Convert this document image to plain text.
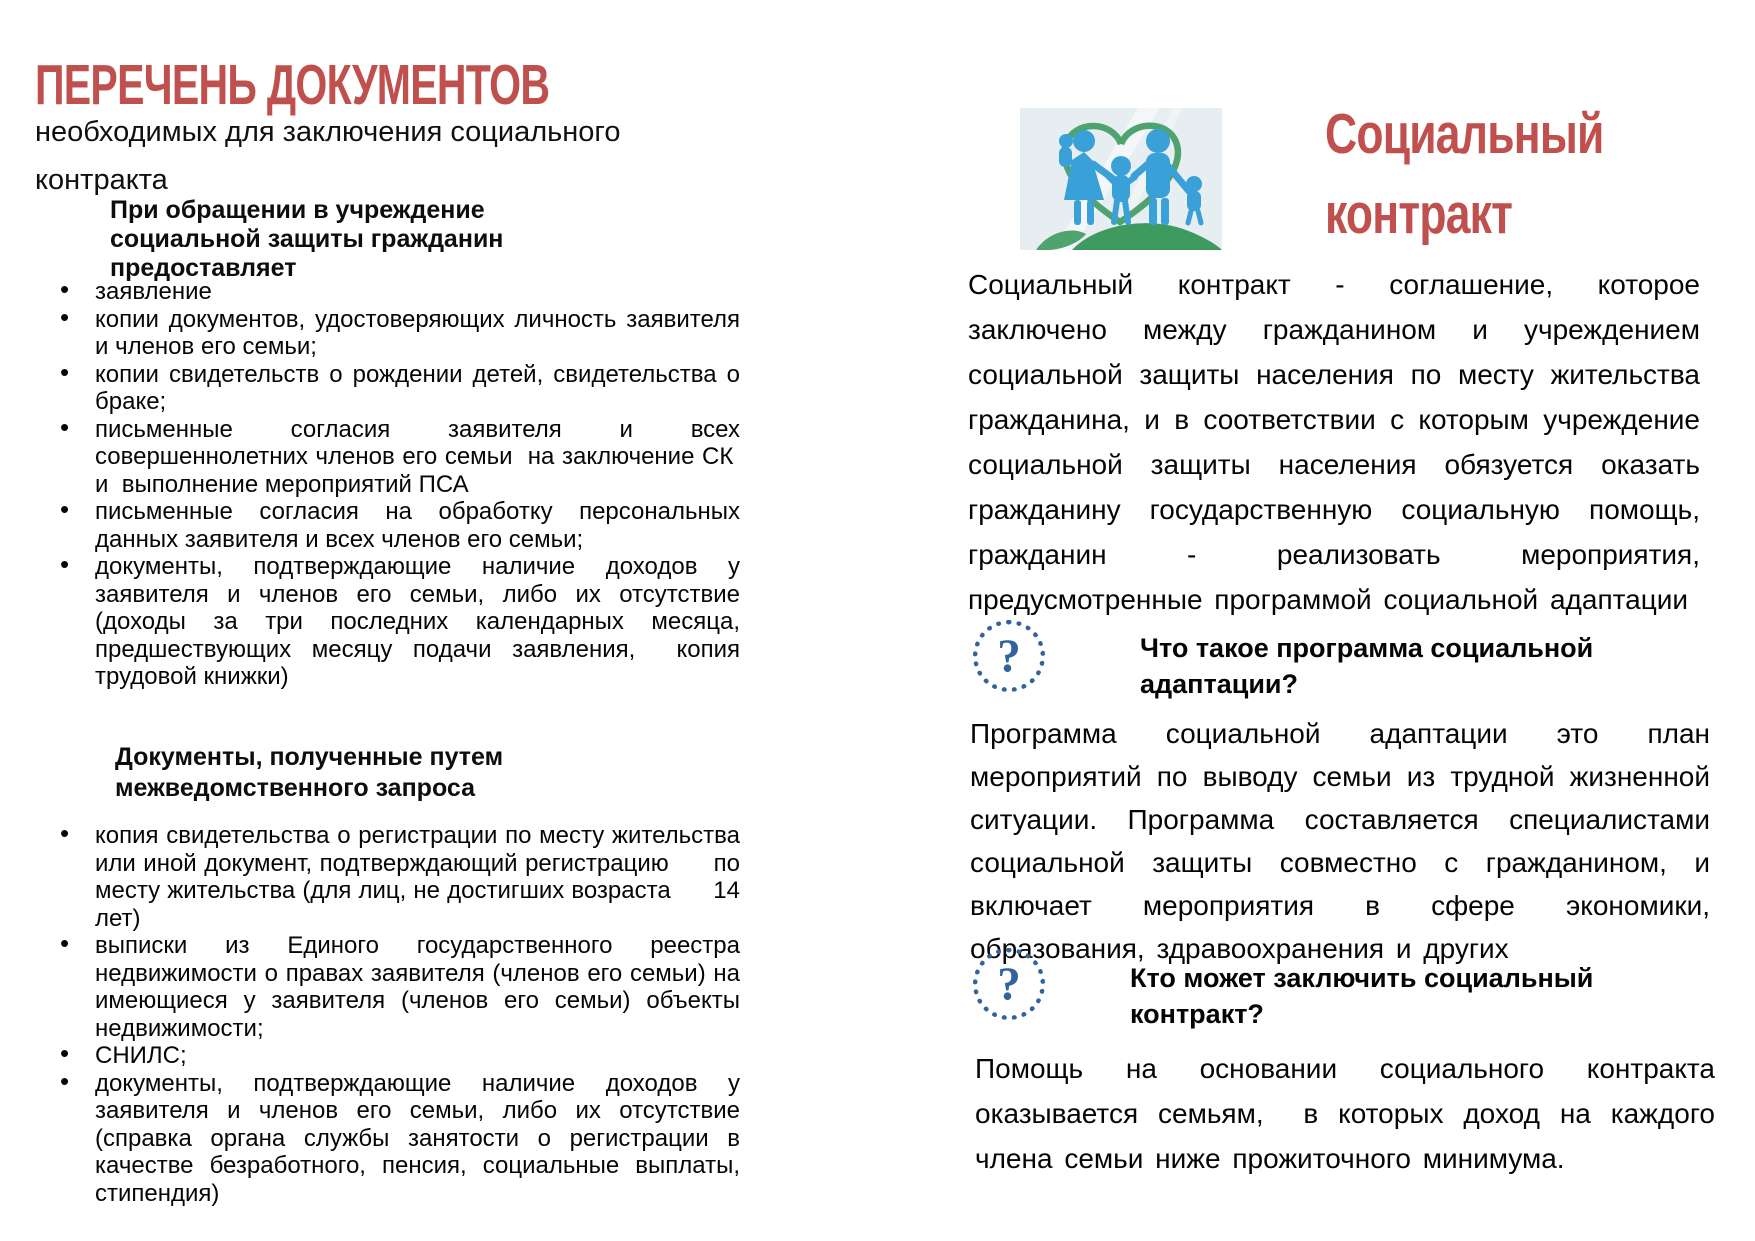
ПЕРЕЧЕНЬ ДОКУМЕНТОВ
необходимых для заключения социального контракта
При обращении в учреждение
социальной защиты гражданин
предоставляет
• заявление
• копии документов, удостоверяющих личность заявителя и членов его семьи;
• копии свидетельств о рождении детей, свидетельства о браке;
• письменные согласия заявителя и всех совершеннолетних членов его семьи  на заключение СК  и  выполнение мероприятий ПСА
• письменные согласия на обработку персональных данных заявителя и всех членов его семьи;
• документы, подтверждающие наличие доходов у заявителя и членов его семьи, либо их отсутствие (доходы за три последних календарных месяца, предшествующих месяцу подачи заявления,  копия трудовой книжки)
Документы, полученные путем
межведомственного запроса
• копия свидетельства о регистрации по месту жительства или иной документ, подтверждающий регистрацию      по месту жительства (для лиц, не достигших возраста      14 лет)
• выписки из Единого государственного реестра недвижимости о правах заявителя (членов его семьи) на имеющиеся у заявителя (членов его семьи) объекты недвижимости;
• СНИЛС;
• документы, подтверждающие наличие доходов у заявителя и членов его семьи, либо их отсутствие (справка органа службы занятости о регистрации в качестве безработного, пенсия, социальные выплаты, стипендия)
Социальный
контракт
Социальный контракт - соглашение, которое заключено между гражданином и учреждением социальной защиты населения по месту жительства гражданина, и в соответствии с которым учреждение социальной защиты населения обязуется оказать гражданину государственную социальную помощь, гражданин - реализовать мероприятия, предусмотренные программой социальной адаптации
?	Что такое программа социальной
адаптации?
Программа социальной адаптации это план мероприятий по выводу семьи из трудной жизненной ситуации. Программа составляется специалистами социальной защиты совместно с гражданином, и включает мероприятия в сфере экономики, образования, здравоохранения и других
?	Кто может заключить социальный
контракт?
Помощь на основании социального контракта оказывается семьям,  в которых доход на каждого члена семьи ниже прожиточного минимума.
